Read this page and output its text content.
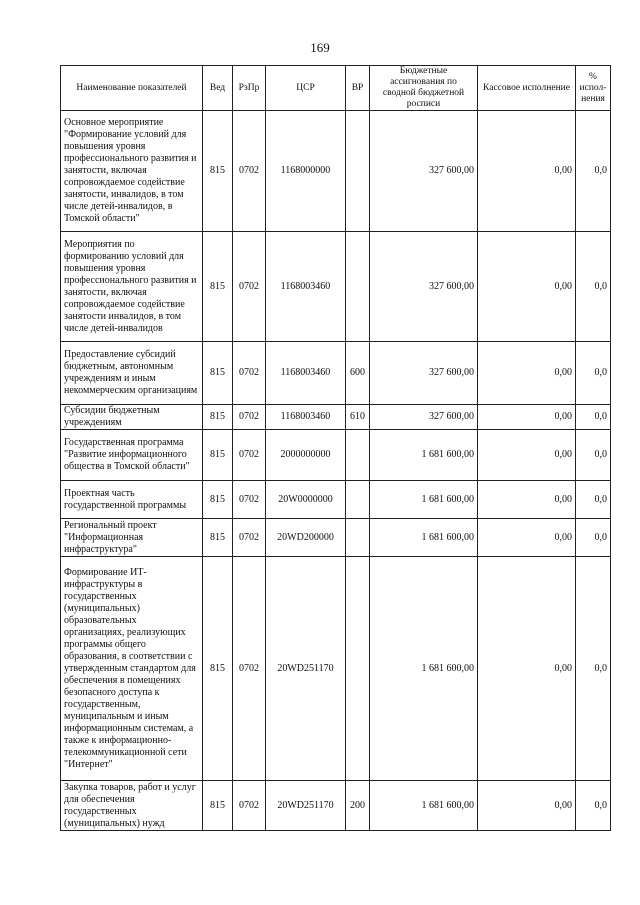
169
Наименование показателей	Вед	РзПр	ЦСР	ВР	Бюджетные ассигнования по сводной бюджетной росписи	Кассовое исполнение	% испол-нения
Основное мероприятие "Формирование условий для повышения уровня профессионального развития и занятости, включая сопровождаемое содействие занятости, инвалидов, в том числе детей-инвалидов, в Томской области"	815	0702	1168000000		327 600,00	0,00	0,0
Мероприятия по формированию условий для повышения уровня профессионального развития и занятости, включая сопровождаемое содействие занятости инвалидов, в том числе детей-инвалидов	815	0702	1168003460		327 600,00	0,00	0,0
Предоставление субсидий бюджетным, автономным учреждениям и иным некоммерческим организациям	815	0702	1168003460	600	327 600,00	0,00	0,0
Субсидии бюджетным учреждениям	815	0702	1168003460	610	327 600,00	0,00	0,0
Государственная программа "Развитие информационного общества в Томской области"	815	0702	2000000000		1 681 600,00	0,00	0,0
Проектная часть государственной программы	815	0702	20W0000000		1 681 600,00	0,00	0,0
Региональный проект "Информационная инфраструктура"	815	0702	20WD200000		1 681 600,00	0,00	0,0
Формирование ИТ-инфраструктуры в государственных (муниципальных) образовательных организациях, реализующих программы общего образования, в соответствии с утвержденным стандартом для обеспечения в помещениях безопасного доступа к государственным, муниципальным и иным информационным системам, а также к информационно-телекоммуникационной сети "Интернет"	815	0702	20WD251170		1 681 600,00	0,00	0,0
Закупка товаров, работ и услуг для обеспечения государственных (муниципальных) нужд	815	0702	20WD251170	200	1 681 600,00	0,00	0,0
